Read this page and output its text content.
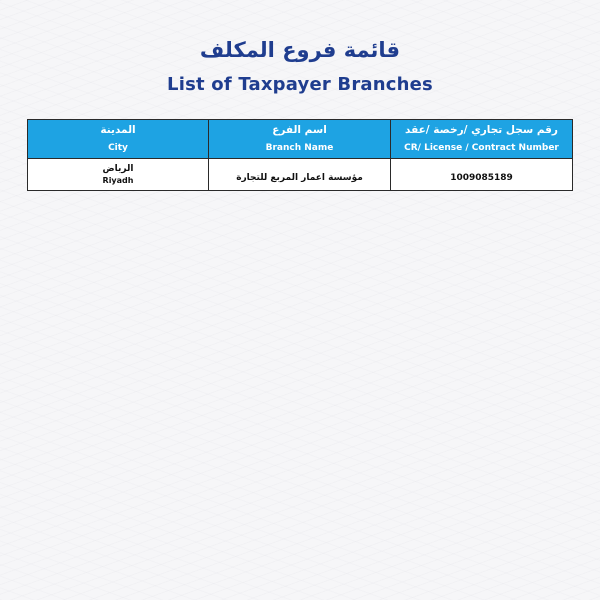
قائمة فروع المكلف
List of Taxpayer Branches
المدينة
City	اسم الفرع
Branch Name	رقم سجل تجاري /رخصة /عقد
CR/ License / Contract Number

الرياض
Riyadh	مؤسسة اعمار المربع للتجارة	1009085189
